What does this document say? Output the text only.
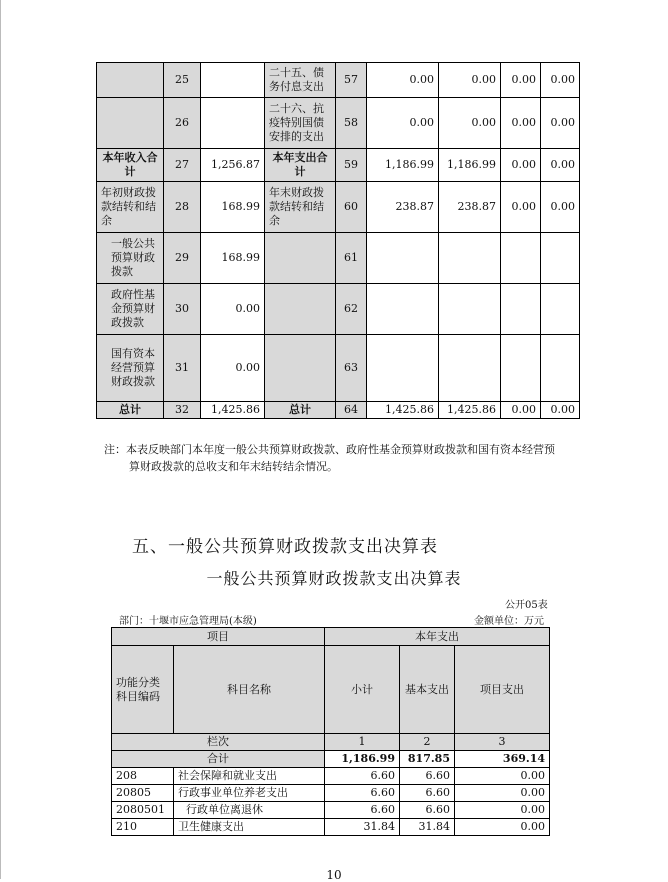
	25		二十五、债务付息支出	57	0.00	0.00	0.00	0.00
	26		二十六、抗疫特别国债安排的支出	58	0.00	0.00	0.00	0.00
本年收入合计	27	1,256.87	本年支出合计	59	1,186.99	1,186.99	0.00	0.00
年初财政拨款结转和结余	28	168.99	年末财政拨款结转和结余	60	238.87	238.87	0.00	0.00
一般公共预算财政拨款	29	168.99		61				
政府性基金预算财政拨款	30	0.00		62				
国有资本经营预算财政拨款	31	0.00		63				
总计	32	1,425.86	总计	64	1,425.86	1,425.86	0.00	0.00
注：本表反映部门本年度一般公共预算财政拨款、政府性基金预算财政拨款和国有资本经营预
算财政拨款的总收支和年末结转结余情况。
五、一般公共预算财政拨款支出决算表
一般公共预算财政拨款支出决算表
公开05表
部门：十堰市应急管理局(本级)	金额单位：万元
项目		本年支出		
功能分类科目编码	科目名称	小计	基本支出	项目支出
栏次		1	2	3
合计		1,186.99	817.85	369.14
208	社会保障和就业支出	6.60	6.60	0.00
20805	行政事业单位养老支出	6.60	6.60	0.00
2080501	行政单位离退休	6.60	6.60	0.00
210	卫生健康支出	31.84	31.84	0.00
10
